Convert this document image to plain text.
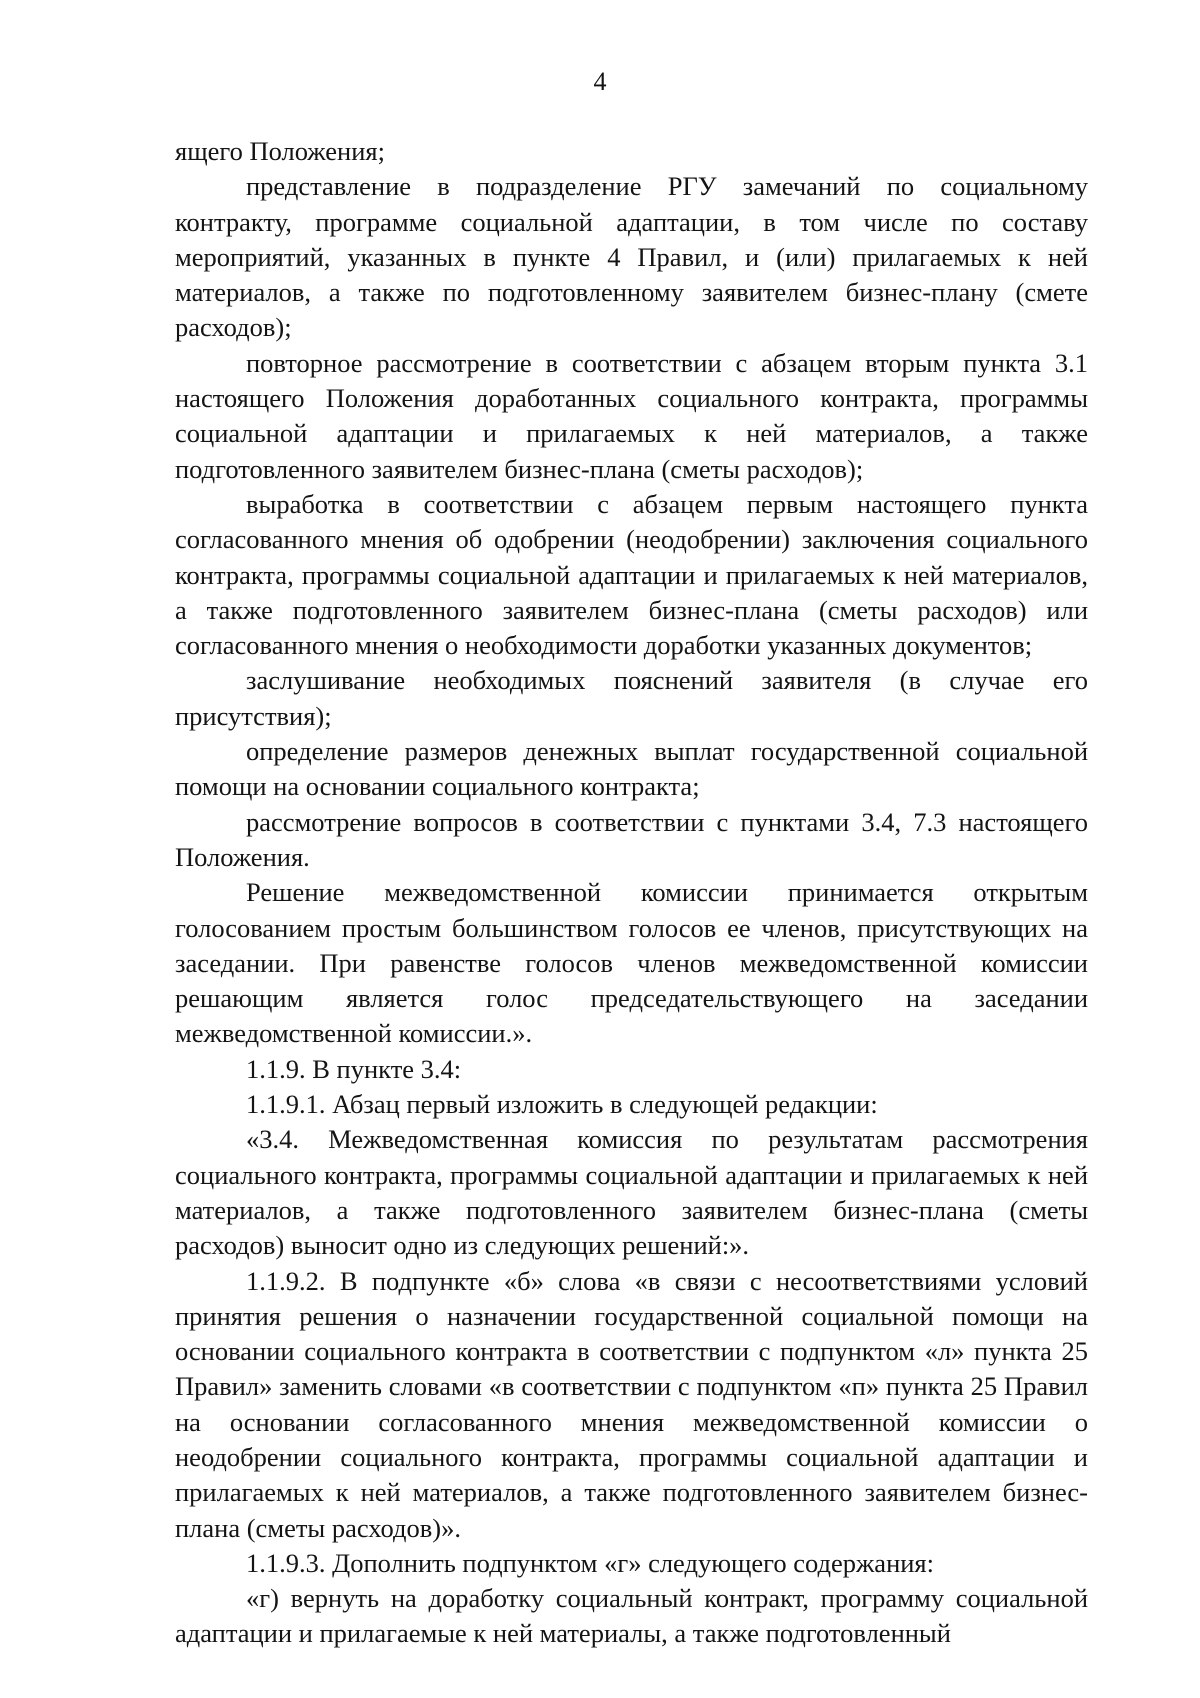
4

ящего Положения;

представление в подразделение РГУ замечаний по социальному контракту, программе социальной адаптации, в том числе по составу мероприятий, указанных в пункте 4 Правил, и (или) прилагаемых к ней материалов, а также по подготовленному заявителем бизнес-плану (смете расходов);

повторное рассмотрение в соответствии с абзацем вторым пункта 3.1 настоящего Положения доработанных социального контракта, программы социальной адаптации и прилагаемых к ней материалов, а также подготовленного заявителем бизнес-плана (сметы расходов);

выработка в соответствии с абзацем первым настоящего пункта согласованного мнения об одобрении (неодобрении) заключения социального контракта, программы социальной адаптации и прилагаемых к ней материалов, а также подготовленного заявителем бизнес-плана (сметы расходов) или согласованного мнения о необходимости доработки указанных документов;

заслушивание необходимых пояснений заявителя (в случае его присутствия);

определение размеров денежных выплат государственной социальной помощи на основании социального контракта;

рассмотрение вопросов в соответствии с пунктами 3.4, 7.3 настоящего Положения.

Решение межведомственной комиссии принимается открытым голосованием простым большинством голосов ее членов, присутствующих на заседании. При равенстве голосов членов межведомственной комиссии решающим является голос председательствующего на заседании межведомственной комиссии.».

1.1.9. В пункте 3.4:

1.1.9.1. Абзац первый изложить в следующей редакции:

«3.4. Межведомственная комиссия по результатам рассмотрения социального контракта, программы социальной адаптации и прилагаемых к ней материалов, а также подготовленного заявителем бизнес-плана (сметы расходов) выносит одно из следующих решений:».

1.1.9.2. В подпункте «б» слова «в связи с несоответствиями условий принятия решения о назначении государственной социальной помощи на основании социального контракта в соответствии с подпунктом «л» пункта 25 Правил» заменить словами «в соответствии с подпунктом «п» пункта 25 Правил на основании согласованного мнения межведомственной комиссии о неодобрении социального контракта, программы социальной адаптации и прилагаемых к ней материалов, а также подготовленного заявителем бизнес-плана (сметы расходов)».

1.1.9.3. Дополнить подпунктом «г» следующего содержания:

«г) вернуть на доработку социальный контракт, программу социальной адаптации и прилагаемые к ней материалы, а также подготовленный
